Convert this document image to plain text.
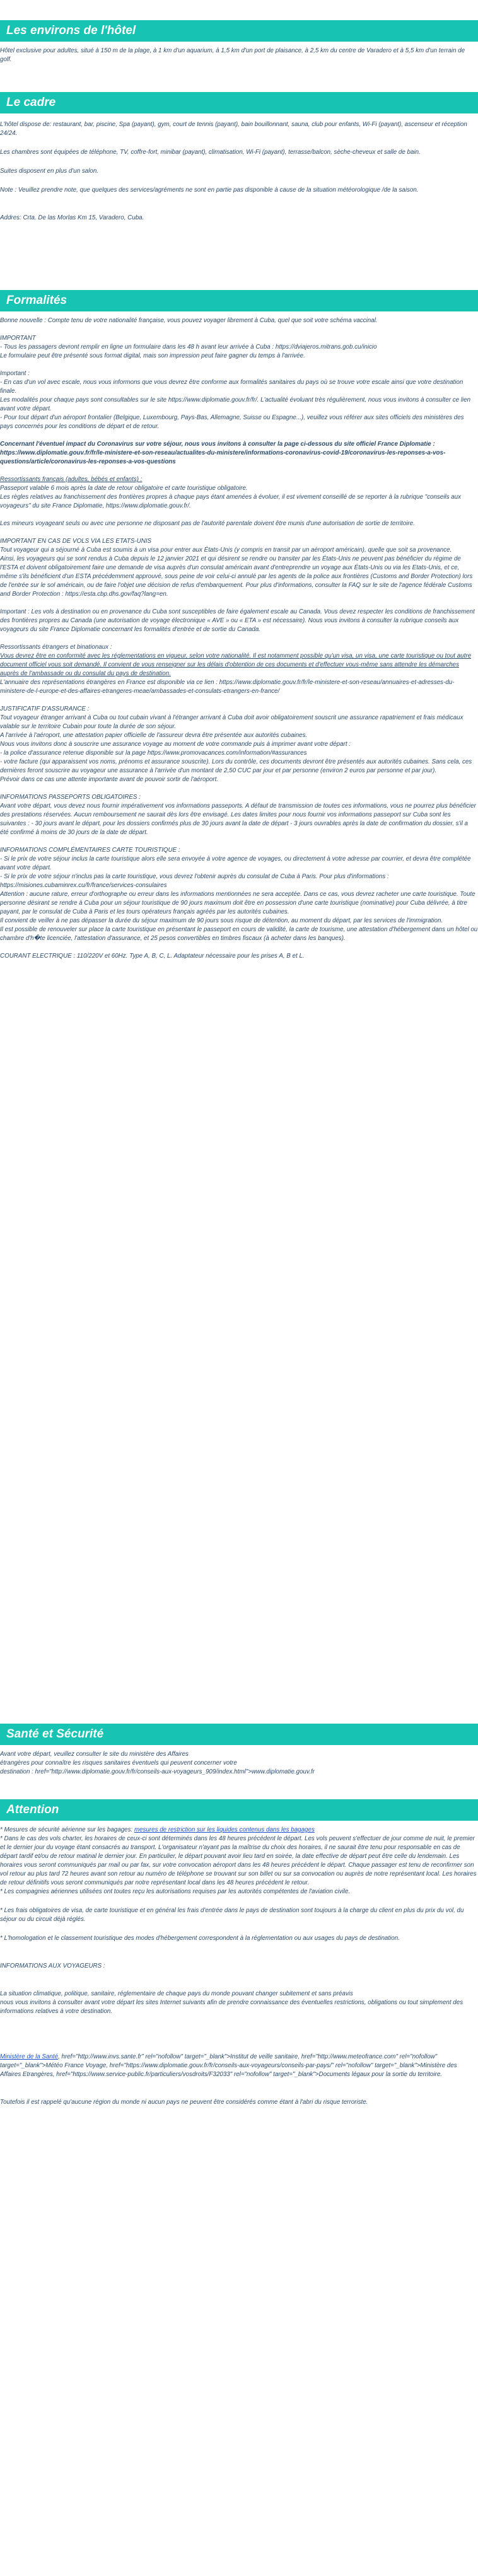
Les environs de l'hôtel

Hôtel exclusive pour adultes, situé à 150 m de la plage, à 1 km d'un aquarium, à 1,5 km d'un port de plaisance, à 2,5 km du centre de Varadero et à 5,5 km d'un terrain de golf.

Le cadre

L'hôtel dispose de: restaurant, bar, piscine, Spa (payant), gym, court de tennis (payant), bain bouillonnant, sauna, club pour enfants, Wi-Fi (payant), ascenseur et réception 24/24.

Les chambres sont équipées de téléphone, TV, coffre-fort, minibar (payant), climatisation, Wi-Fi (payant), terrasse/balcon, sèche-cheveux et salle de bain.

Suites disposent en plus d'un salon.

Note : Veuillez prendre note, que quelques des services/agréments ne sont en partie pas disponible à cause de la situation météorologique /de la saison.

Addres: Crta. De las Morlas Km 15, Varadero, Cuba.

Formalités

Bonne nouvelle : Compte tenu de votre nationalité française, vous pouvez voyager librement à Cuba, quel que soit votre schéma vaccinal.

IMPORTANT

- Tous les passagers devront remplir en ligne un formulaire dans les 48 h avant leur arrivée à Cuba : https://dviajeros.mitrans.gob.cu/inicio

Le formulaire peut être présenté sous format digital, mais son impression peut faire gagner du temps à l'arrivée.

Important :

- En cas d'un vol avec escale, nous vous informons que vous devrez être conforme aux formalités sanitaires du pays où se trouve votre escale ainsi que votre destination finale.

Les modalités pour chaque pays sont consultables sur le site https://www.diplomatie.gouv.fr/fr/. L'actualité évoluant très régulièrement, nous vous invitons à consulter ce lien avant votre départ.

- Pour tout départ d'un aéroport frontalier (Belgique, Luxembourg, Pays-Bas, Allemagne, Suisse ou Espagne...), veuillez vous référer aux sites officiels des ministères des pays concernés pour les conditions de départ et de retour.

Concernant l'éventuel impact du Coronavirus sur votre séjour, nous vous invitons à consulter la page ci-dessous du site officiel France Diplomatie :

https://www.diplomatie.gouv.fr/fr/le-ministere-et-son-reseau/actualites-du-ministere/informations-coronavirus-covid-19/coronavirus-les-reponses-a-vos-questions/article/coronavirus-les-reponses-a-vos-questions

Ressortissants français (adultes, bébés et enfants) :

Passeport valable 6 mois après la date de retour obligatoire et carte touristique obligatoire.

Les règles relatives au franchissement des frontières propres à chaque pays étant amenées à évoluer, il est vivement conseillé de se reporter à la rubrique "conseils aux voyageurs" du site France Diplomatie, https://www.diplomatie.gouv.fr/.

Les mineurs voyageant seuls ou avec une personne ne disposant pas de l'autorité parentale doivent être munis d'une autorisation de sortie de territoire.

IMPORTANT EN CAS DE VOLS VIA LES ETATS-UNIS

Tout voyageur qui a séjourné à Cuba est soumis à un visa pour entrer aux États-Unis (y compris en transit par un aéroport américain), quelle que soit sa provenance.

Ainsi, les voyageurs qui se sont rendus à Cuba depuis le 12 janvier 2021 et qui désirent se rendre ou transiter par les États-Unis ne peuvent pas bénéficier du régime de l'ESTA et doivent obligatoirement faire une demande de visa auprès d'un consulat américain avant d'entreprendre un voyage aux États-Unis ou via les Etats-Unis, et ce, même s'ils bénéficient d'un ESTA précédemment approuvé, sous peine de voir celui-ci annulé par les agents de la police aux frontières (Customs and Border Protection) lors de l'entrée sur le sol américain, ou de faire l'objet une décision de refus d'embarquement. Pour plus d'informations, consulter la FAQ sur le site de l'agence fédérale Customs and Border Protection : https://esta.cbp.dhs.gov/faq?lang=en.

Important : Les vols à destination ou en provenance du Cuba sont susceptibles de faire également escale au Canada. Vous devez respecter les conditions de franchissement des frontières propres au Canada (une autorisation de voyage électronique « AVE » ou « ETA » est nécessaire). Nous vous invitons à consulter la rubrique conseils aux voyageurs du site France Diplomatie concernant les formalités d'entrée et de sortie du Canada.

Ressortissants étrangers et binationaux :

Vous devrez être en conformité avec les réglementations en vigueur, selon votre nationalité. Il est notamment possible qu'un visa, un visa, une carte touristique ou tout autre document officiel vous soit demandé. Il convient de vous renseigner sur les délais d'obtention de ces documents et d'effectuer vous-même sans attendre les démarches auprès de l'ambassade ou du consulat du pays de destination.

L'annuaire des représentations étrangères en France est disponible via ce lien : https://www.diplomatie.gouv.fr/fr/le-ministere-et-son-reseau/annuaires-et-adresses-du-ministere-de-l-europe-et-des-affaires-etrangeres-meae/ambassades-et-consulats-etrangers-en-france/

JUSTIFICATIF D'ASSURANCE :

Tout voyageur étranger arrivant à Cuba ou tout cubain vivant à l'étranger arrivant à Cuba doit avoir obligatoirement souscrit une assurance rapatriement et frais médicaux valable sur le territoire Cubain pour toute la durée de son séjour.

A l'arrivée à l'aéroport, une attestation papier officielle de l'assureur devra être présentée aux autorités cubaines.

Nous vous invitons donc à souscrire une assurance voyage au moment de votre commande puis à imprimer avant votre départ :

- la police d'assurance retenue disponible sur la page https://www.promovacances.com/information/#assurances

- votre facture (qui apparaissent vos noms, prénoms et assurance souscrite). Lors du contrôle, ces documents devront être présentés aux autorités cubaines. Sans cela, ces dernières feront souscrire au voyageur une assurance à l'arrivée d'un montant de 2,50 CUC par jour et par personne (environ 2 euros par personne et par jour).

Prévoir dans ce cas une attente importante avant de pouvoir sortir de l'aéroport.

INFORMATIONS PASSEPORTS OBLIGATOIRES :

Avant votre départ, vous devez nous fournir impérativement vos informations passeports. A défaut de transmission de toutes ces informations, vous ne pourrez plus bénéficier des prestations réservées. Aucun remboursement ne saurait dès lors être envisagé. Les dates limites pour nous fournir vos informations passeport sur Cuba sont les suivantes : - 30 jours avant le départ, pour les dossiers confirmés plus de 30 jours avant la date de départ - 3 jours ouvrables après la date de confirmation du dossier, s'il a été confirmé à moins de 30 jours de la date de départ.

INFORMATIONS COMPLÉMENTAIRES CARTE TOURISTIQUE :

- Si le prix de votre séjour inclus la carte touristique alors elle sera envoyée à votre agence de voyages, ou directement à votre adresse par courrier, et devra être complétée avant votre départ.

- Si le prix de votre séjour n'inclus pas la carte touristique, vous devrez l'obtenir auprès du consulat de Cuba à Paris. Pour plus d'informations : https://misiones.cubaminrex.cu/fr/france/services-consulaires

Attention : aucune rature, erreur d'orthographe ou erreur dans les informations mentionnées ne sera acceptée. Dans ce cas, vous devrez racheter une carte touristique. Toute personne désirant se rendre à Cuba pour un séjour touristique de 90 jours maximum doit être en possession d'une carte touristique (nominative) pour Cuba délivrée, à titre payant, par le consulat de Cuba à Paris et les tours opérateurs français agréés par les autorités cubaines.

Il convient de veiller à ne pas dépasser la durée du séjour maximum de 90 jours sous risque de détention, au moment du départ, par les services de l'immigration.

Il est possible de renouveler sur place la carte touristique en présentant le passeport en cours de validité, la carte de tourisme, une attestation d'hébergement dans un hôtel ou chambre d'h�te licenciée, l'attestation d'assurance, et 25 pesos convertibles en timbres fiscaux (à acheter dans les banques).

COURANT ELECTRIQUE : 110/220V et 60Hz. Type A, B, C, L. Adaptateur nécessaire pour les prises A, B et L.

Santé et Sécurité

Avant votre départ, veuillez consulter le site du ministère des Affaires

étrangères pour connaître les risques sanitaires éventuels qui peuvent concerner votre

destination : href="http://www.diplomatie.gouv.fr/fr/conseils-aux-voyageurs_909/index.html">www.diplomatie.gouv.fr

Attention

* Mesures de sécurité aérienne sur les bagages: mesures de restriction sur les liquides contenus dans les bagages

* Dans le cas des vols charter, les horaires de ceux-ci sont déterminés dans les 48 heures précédent le départ. Les vols peuvent s'effectuer de jour comme de nuit, le premier et le dernier jour du voyage étant consacrés au transport. L'organisateur n'ayant pas la maîtrise du choix des horaires, il ne saurait être tenu pour responsable en cas de départ tardif et/ou de retour matinal le dernier jour. En particulier, le départ pouvant avoir lieu tard en soirée, la date effective de départ peut être celle du lendemain. Les horaires vous seront communiqués par mail ou par fax, sur votre convocation aéroport dans les 48 heures précédent le départ. Chaque passager est tenu de reconfirmer son vol retour au plus tard 72 heures avant son retour au numéro de téléphone se trouvant sur son billet ou sur sa convocation ou auprès de notre représentant local. Les horaires de retour définitifs vous seront communiqués par notre représentant local dans les 48 heures précédent le retour.

* Les compagnies aériennes utilisées ont toutes reçu les autorisations requises par les autorités compétentes de l'aviation civile.

* Les frais obligatoires de visa, de carte touristique et en général les frais d'entrée dans le pays de destination sont toujours à la charge du client en plus du prix du vol, du séjour ou du circuit déjà réglés.

* L'homologation et le classement touristique des modes d'hébergement correspondent à la réglementation ou aux usages du pays de destination.

INFORMATIONS AUX VOYAGEURS :

La situation climatique, politique, sanitaire, réglementaire de chaque pays du monde pouvant changer subitement et sans préavis

nous vous invitons à consulter avant votre départ les sites Internet suivants afin de prendre connaissance des éventuelles restrictions, obligations ou tout simplement des informations relatives à votre destination.

Ministère de la Santé, href="http://www.invs.sante.fr" rel="nofollow" target="_blank">Institut de veille sanitaire, href="http://www.meteofrance.com" rel="nofollow" target="_blank">Météo France Voyage, href="https://www.diplomatie.gouv.fr/fr/conseils-aux-voyageurs/conseils-par-pays/" rel="nofollow" target="_blank">Ministère des Affaires Etrangères, href="https://www.service-public.fr/particuliers/vosdroits/F32033" rel="nofollow" target="_blank">Documents légaux pour la sortie du territoire.

Toutefois il est rappelé qu'aucune région du monde ni aucun pays ne peuvent être considérés comme étant à l'abri du risque terroriste.
